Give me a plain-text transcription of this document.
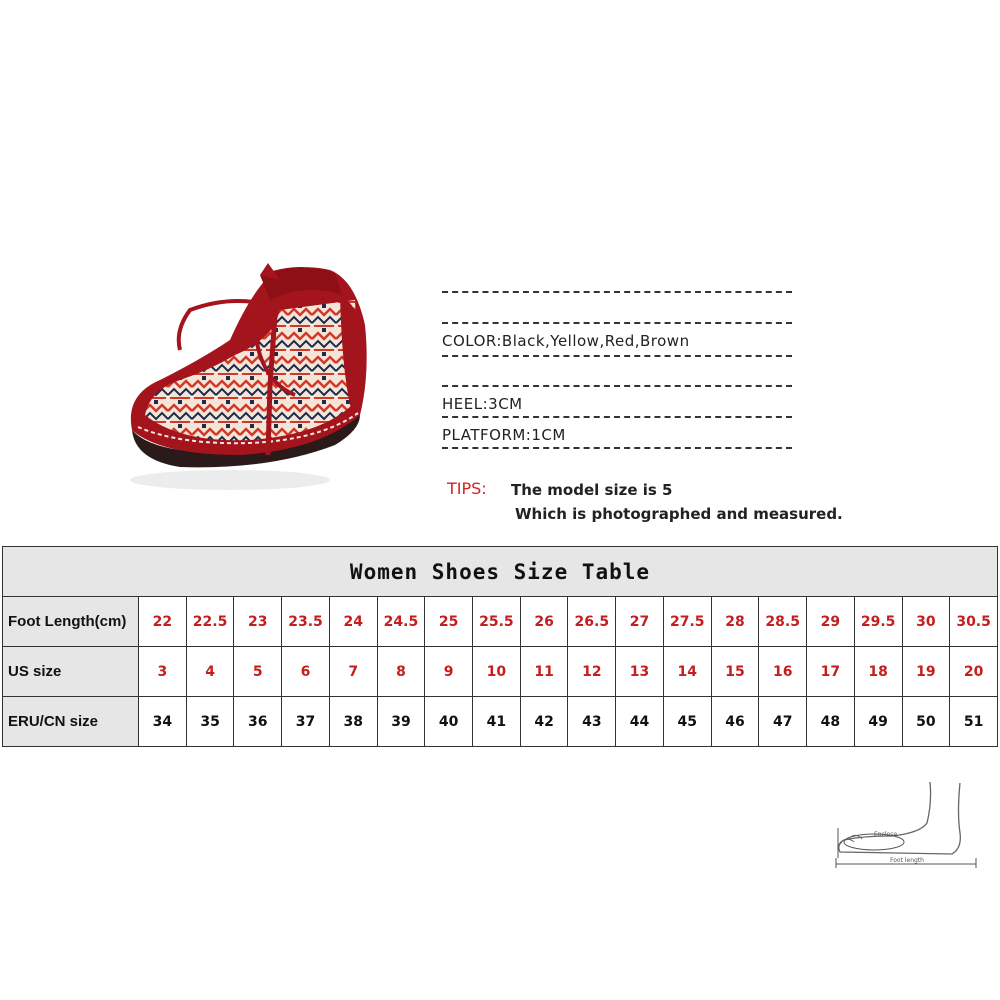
COLOR:Black,Yellow,Red,Brown
HEEL:3CM
PLATFORM:1CM
TIPS: The model size is 5
Which is photographed and measured.
Women Shoes Size Table																		
Foot Length(cm)	22	22.5	23	23.5	24	24.5	25	25.5	26	26.5	27	27.5	28	28.5	29	29.5	30	30.5
US size	3	4	5	6	7	8	9	10	11	12	13	14	15	16	17	18	19	20
ERU/CN size	34	35	36	37	38	39	40	41	42	43	44	45	46	47	48	49	50	51
Enclose
Foot length
